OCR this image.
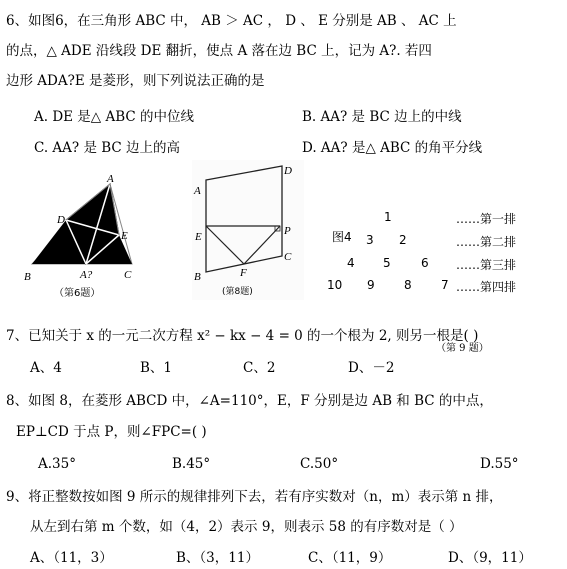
6、如图6，在三角形 ABC 中， AB ＞ AC ， D 、 E 分别是 AB 、 AC 上
的点，△ ADE 沿线段 DE 翻折，使点 A 落在边 BC 上，记为 A?. 若四
边形 ADA?E 是菱形，则下列说法正确的是
A. DE 是△ ABC 的中位线	B. AA? 是 BC 边上的中线
C. AA? 是 BC 边上的高	D. AA? 是△ ABC 的角平分线
A
D
E
B	A?	C
（第6题）
A
D
E	P
B	F
C
(第8题)
图4
1
3 2
4 5	6
10 9 8 7
……第一排
……第二排
……第三排
……第四排
7、已知关于 x 的一元二次方程 x² − kx − 4 = 0 的一个根为 2, 则另一根是( )
（第 9 题）
A、4	B、1	C、2	D、－2
8、如图 8，在菱形 ABCD 中，∠A=110°，E，F 分别是边 AB 和 BC 的中点，
EP⊥CD 于点 P，则∠FPC=( )
A.35°	B.45°	C.50°	D.55°
9、将正整数按如图 9 所示的规律排列下去，若有序实数对（n，m）表示第 n 排，
从左到右第 m 个数，如（4，2）表示 9，则表示 58 的有序数对是（ ）
A、（11，3）	B、（3，11）	C、（11，9）	D、（9，11）
